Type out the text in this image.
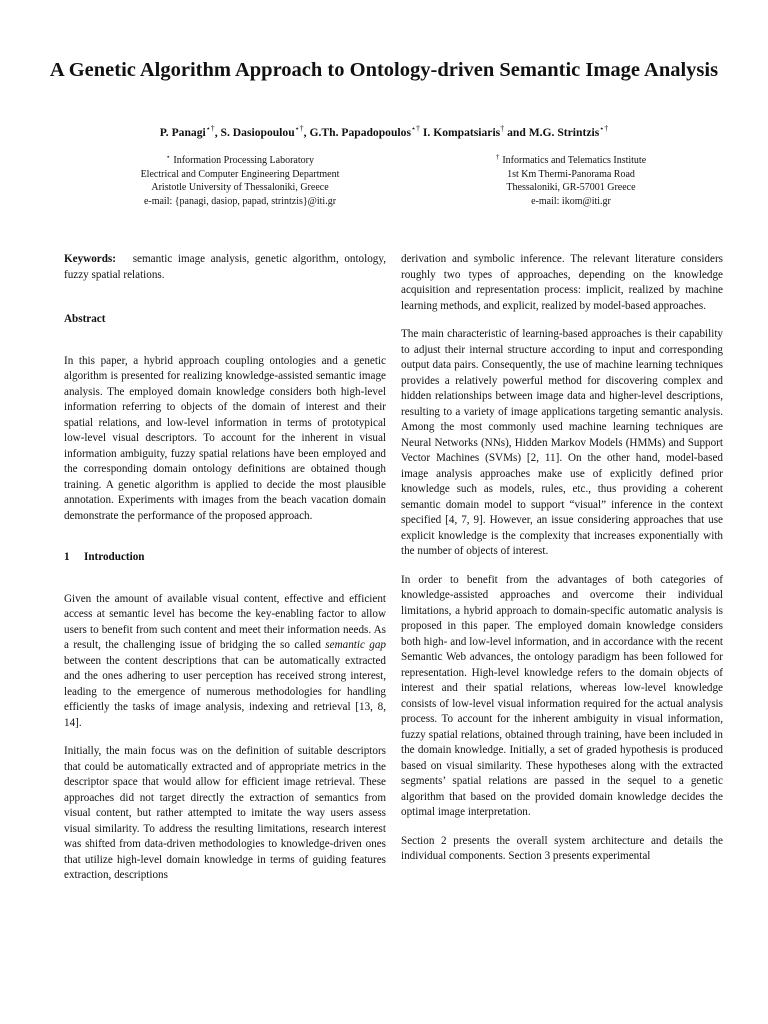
A Genetic Algorithm Approach to Ontology-driven Semantic Image Analysis
P. Panagi⋆†, S. Dasiopoulou⋆†, G.Th. Papadopoulos⋆† I. Kompatsiaris† and M.G. Strintzis⋆†
⋆ Information Processing Laboratory
Electrical and Computer Engineering Department
Aristotle University of Thessaloniki, Greece
e-mail: {panagi, dasiop, papad, strintzis}@iti.gr
† Informatics and Telematics Institute
1st Km Thermi-Panorama Road
Thessaloniki, GR-57001 Greece
e-mail: ikom@iti.gr

Keywords: semantic image analysis, genetic algorithm, ontology, fuzzy spatial relations.

Abstract

In this paper, a hybrid approach coupling ontologies and a genetic algorithm is presented for realizing knowledge-assisted semantic image analysis. The employed domain knowledge considers both high-level information referring to objects of the domain of interest and their spatial relations, and low-level information in terms of prototypical low-level visual descriptors. To account for the inherent in visual information ambiguity, fuzzy spatial relations have been employed and the corresponding domain ontology definitions are obtained though training. A genetic algorithm is applied to decide the most plausible annotation. Experiments with images from the beach vacation domain demonstrate the performance of the proposed approach.

1 Introduction

Given the amount of available visual content, effective and efficient access at semantic level has become the key-enabling factor to allow users to benefit from such content and meet their information needs. As a result, the challenging issue of bridging the so called semantic gap between the content descriptions that can be automatically extracted and the ones adhering to user perception has received strong interest, leading to the emergence of numerous methodologies for handling efficiently the tasks of image analysis, indexing and retrieval [13, 8, 14].

Initially, the main focus was on the definition of suitable descriptors that could be automatically extracted and of appropriate metrics in the descriptor space that would allow for efficient image retrieval. These approaches did not target directly the extraction of semantics from visual content, but rather attempted to imitate the way users assess visual similarity. To address the resulting limitations, research interest was shifted from data-driven methodologies to knowledge-driven ones that utilize high-level domain knowledge in terms of guiding features extraction, descriptions

derivation and symbolic inference. The relevant literature considers roughly two types of approaches, depending on the knowledge acquisition and representation process: implicit, realized by machine learning methods, and explicit, realized by model-based approaches.

The main characteristic of learning-based approaches is their capability to adjust their internal structure according to input and corresponding output data pairs. Consequently, the use of machine learning techniques provides a relatively powerful method for discovering complex and hidden relationships between image data and higher-level descriptions, resulting to a variety of image applications targeting semantic analysis. Among the most commonly used machine learning techniques are Neural Networks (NNs), Hidden Markov Models (HMMs) and Support Vector Machines (SVMs) [2, 11]. On the other hand, model-based image analysis approaches make use of explicitly defined prior knowledge such as models, rules, etc., thus providing a coherent semantic domain model to support “visual” inference in the context specified [4, 7, 9]. However, an issue considering approaches that use explicit knowledge is the complexity that increases exponentially with the number of objects of interest.

In order to benefit from the advantages of both categories of knowledge-assisted approaches and overcome their individual limitations, a hybrid approach to domain-specific automatic analysis is proposed in this paper. The employed domain knowledge considers both high- and low-level information, and in accordance with the recent Semantic Web advances, the ontology paradigm has been followed for representation. High-level knowledge refers to the domain objects of interest and their spatial relations, whereas low-level knowledge consists of low-level visual information required for the actual analysis process. To account for the inherent ambiguity in visual information, fuzzy spatial relations, obtained through training, have been included in the domain knowledge. Initially, a set of graded hypothesis is produced based on visual similarity. These hypotheses along with the extracted segments’ spatial relations are passed in the sequel to a genetic algorithm that based on the provided domain knowledge decides the optimal image interpretation.

Section 2 presents the overall system architecture and details the individual components. Section 3 presents experimental
